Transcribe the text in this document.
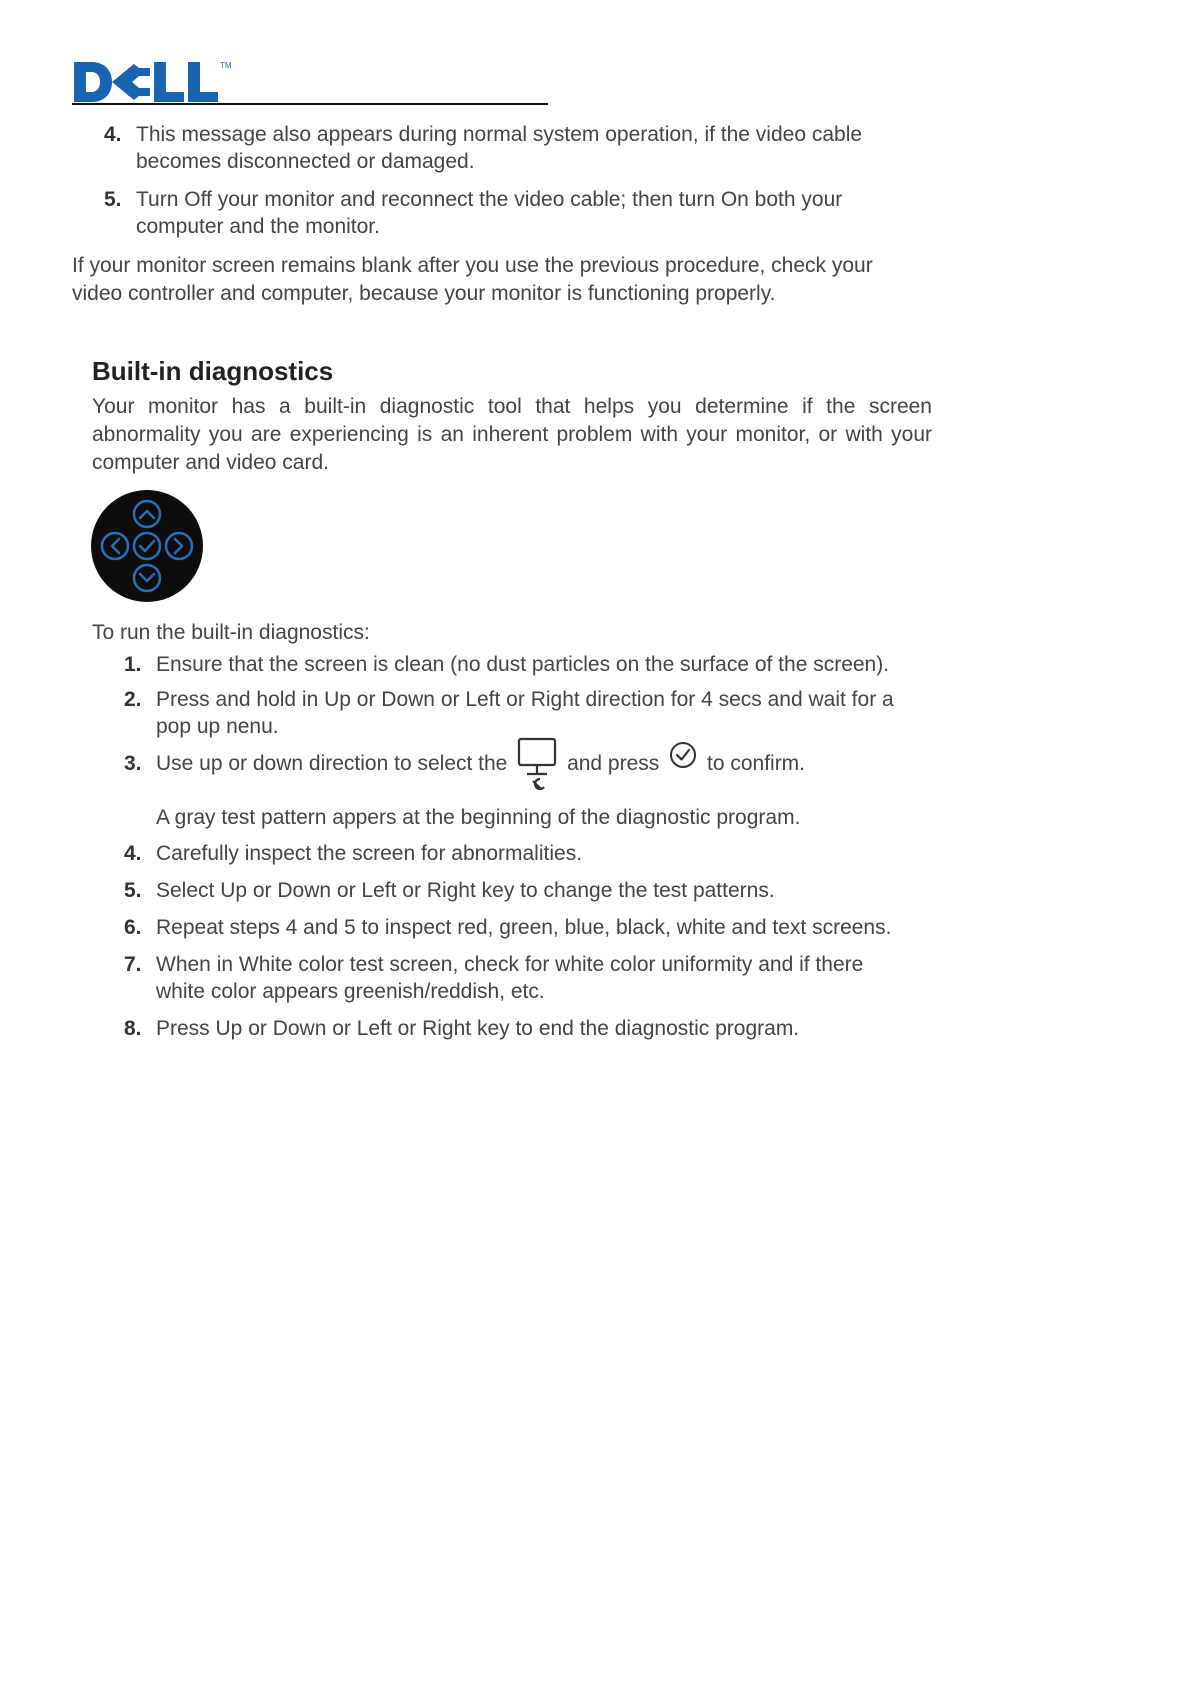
TM
4. This message also appears during normal system operation, if the video cable becomes disconnected or damaged.
5. Turn Off your monitor and reconnect the video cable; then turn On both your computer and the monitor.
If your monitor screen remains blank after you use the previous procedure, check your
video controller and computer, because your monitor is functioning properly.
Built-in diagnostics
Your monitor has a built-in diagnostic tool that helps you determine if the screen
abnormality you are experiencing is an inherent problem with your monitor, or with your
computer and video card.
To run the built-in diagnostics:
1. Ensure that the screen is clean (no dust particles on the surface of the screen).
2. Press and hold in Up or Down or Left or Right direction for 4 secs and wait for a pop up nenu.
3. Use up or down direction to select the	and press to confirm.
A gray test pattern appers at the beginning of the diagnostic program.
4. Carefully inspect the screen for abnormalities.
5. Select Up or Down or Left or Right key to change the test patterns.
6. Repeat steps 4 and 5 to inspect red, green, blue, black, white and text screens.
7. When in White color test screen, check for white color uniformity and if there white color appears greenish/reddish, etc.
8. Press Up or Down or Left or Right key to end the diagnostic program.
